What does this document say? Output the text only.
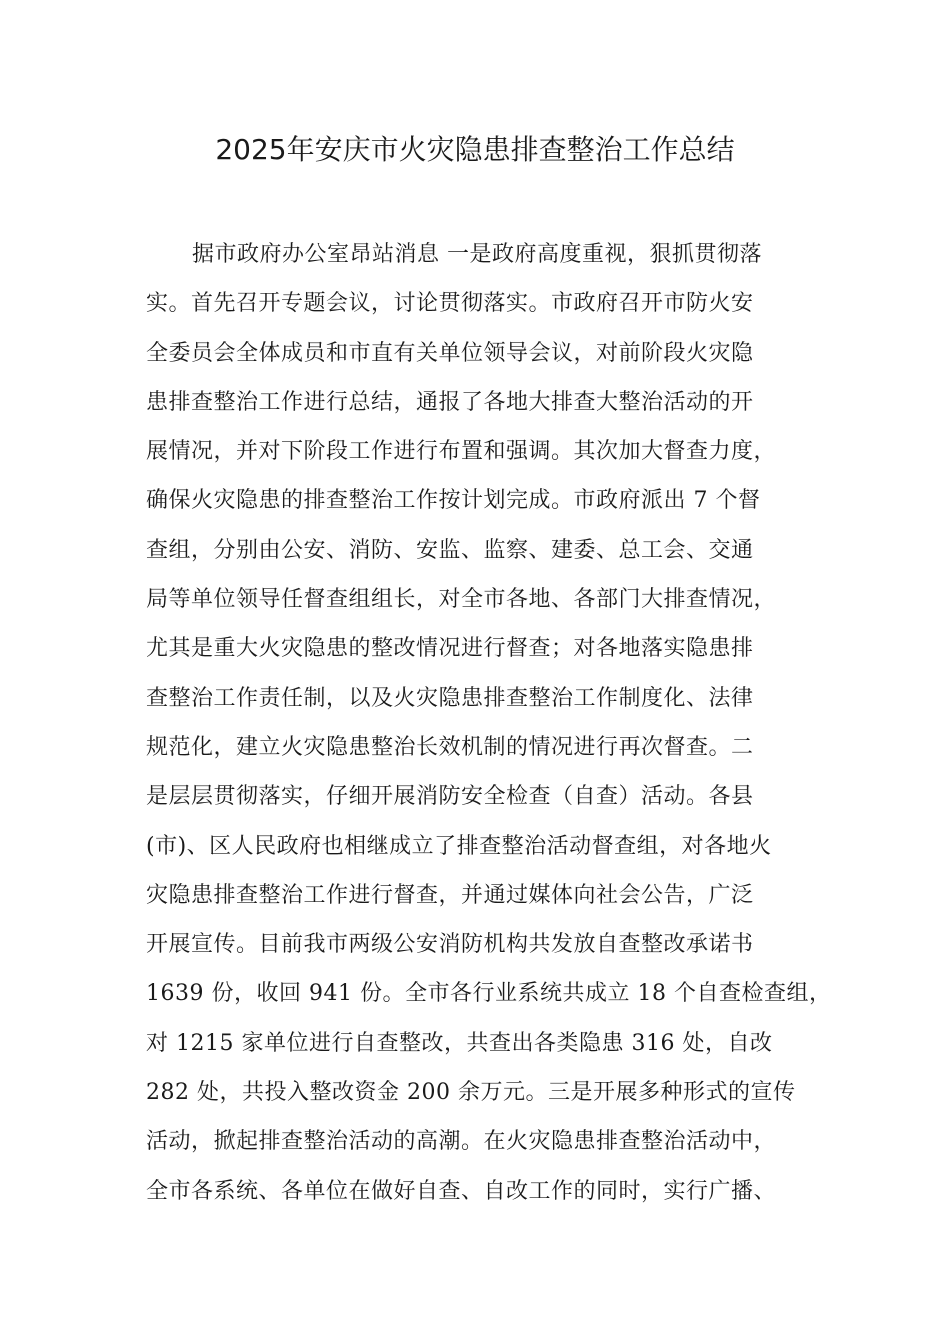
2025年安庆市火灾隐患排查整治工作总结
据市政府办公室昂站消息 一是政府高度重视，狠抓贯彻落
实。首先召开专题会议，讨论贯彻落实。市政府召开市防火安
全委员会全体成员和市直有关单位领导会议，对前阶段火灾隐
患排查整治工作进行总结，通报了各地大排查大整治活动的开
展情况，并对下阶段工作进行布置和强调。其次加大督查力度，
确保火灾隐患的排查整治工作按计划完成。市政府派出 7 个督
查组，分别由公安、消防、安监、监察、建委、总工会、交通
局等单位领导任督查组组长，对全市各地、各部门大排查情况，
尤其是重大火灾隐患的整改情况进行督查；对各地落实隐患排
查整治工作责任制，以及火灾隐患排查整治工作制度化、法律
规范化，建立火灾隐患整治长效机制的情况进行再次督查。二
是层层贯彻落实，仔细开展消防安全检查（自查）活动。各县
(市)、区人民政府也相继成立了排查整治活动督查组，对各地火
灾隐患排查整治工作进行督查，并通过媒体向社会公告，广泛
开展宣传。目前我市两级公安消防机构共发放自查整改承诺书
1639 份，收回 941 份。全市各行业系统共成立 18 个自查检查组，
对 1215 家单位进行自查整改，共查出各类隐患 316 处，自改
282 处，共投入整改资金 200 余万元。三是开展多种形式的宣传
活动，掀起排查整治活动的高潮。在火灾隐患排查整治活动中，
全市各系统、各单位在做好自查、自改工作的同时，实行广播、
